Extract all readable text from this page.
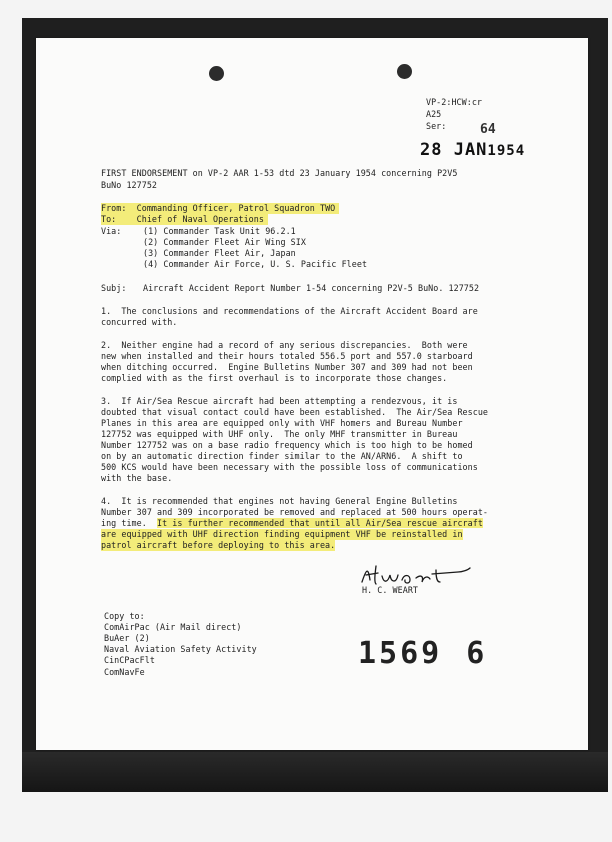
VP-2:HCW:cr
A25
Ser:	64
28 JAN1954
FIRST ENDORSEMENT on VP-2 AAR 1-53 dtd 23 January 1954 concerning P2V5
BuNo 127752
From: Commanding Officer, Patrol Squadron TWO
To: Chief of Naval Operations
Via:	(1) Commander Task Unit 96.2.1
(2) Commander Fleet Air Wing SIX
(3) Commander Fleet Air, Japan
(4) Commander Air Force, U. S. Pacific Fleet
Subj: Aircraft Accident Report Number 1-54 concerning P2V-5 BuNo. 127752
1.  The conclusions and recommendations of the Aircraft Accident Board are
concurred with.
2.  Neither engine had a record of any serious discrepancies.  Both were
new when installed and their hours totaled 556.5 port and 557.0 starboard
when ditching occurred.  Engine Bulletins Number 307 and 309 had not been
complied with as the first overhaul is to incorporate those changes.
3.  If Air/Sea Rescue aircraft had been attempting a rendezvous, it is
doubted that visual contact could have been established.  The Air/Sea Rescue
Planes in this area are equipped only with VHF homers and Bureau Number
127752 was equipped with UHF only.  The only MHF transmitter in Bureau
Number 127752 was on a base radio frequency which is too high to be homed
on by an automatic direction finder similar to the AN/ARN6.  A shift to
500 KCS would have been necessary with the possible loss of communications
with the base.
4.  It is recommended that engines not having General Engine Bulletins
Number 307 and 309 incorporated be removed and replaced at 500 hours operat-
ing time.  It is further recommended that until all Air/Sea rescue aircraft
are equipped with UHF direction finding equipment VHF be reinstalled in
patrol aircraft before deploying to this area.
H. C. WEART
Copy to:
ComAirPac (Air Mail direct)
BuAer (2)
Naval Aviation Safety Activity
CinCPacFlt
ComNavFe
1569 6
